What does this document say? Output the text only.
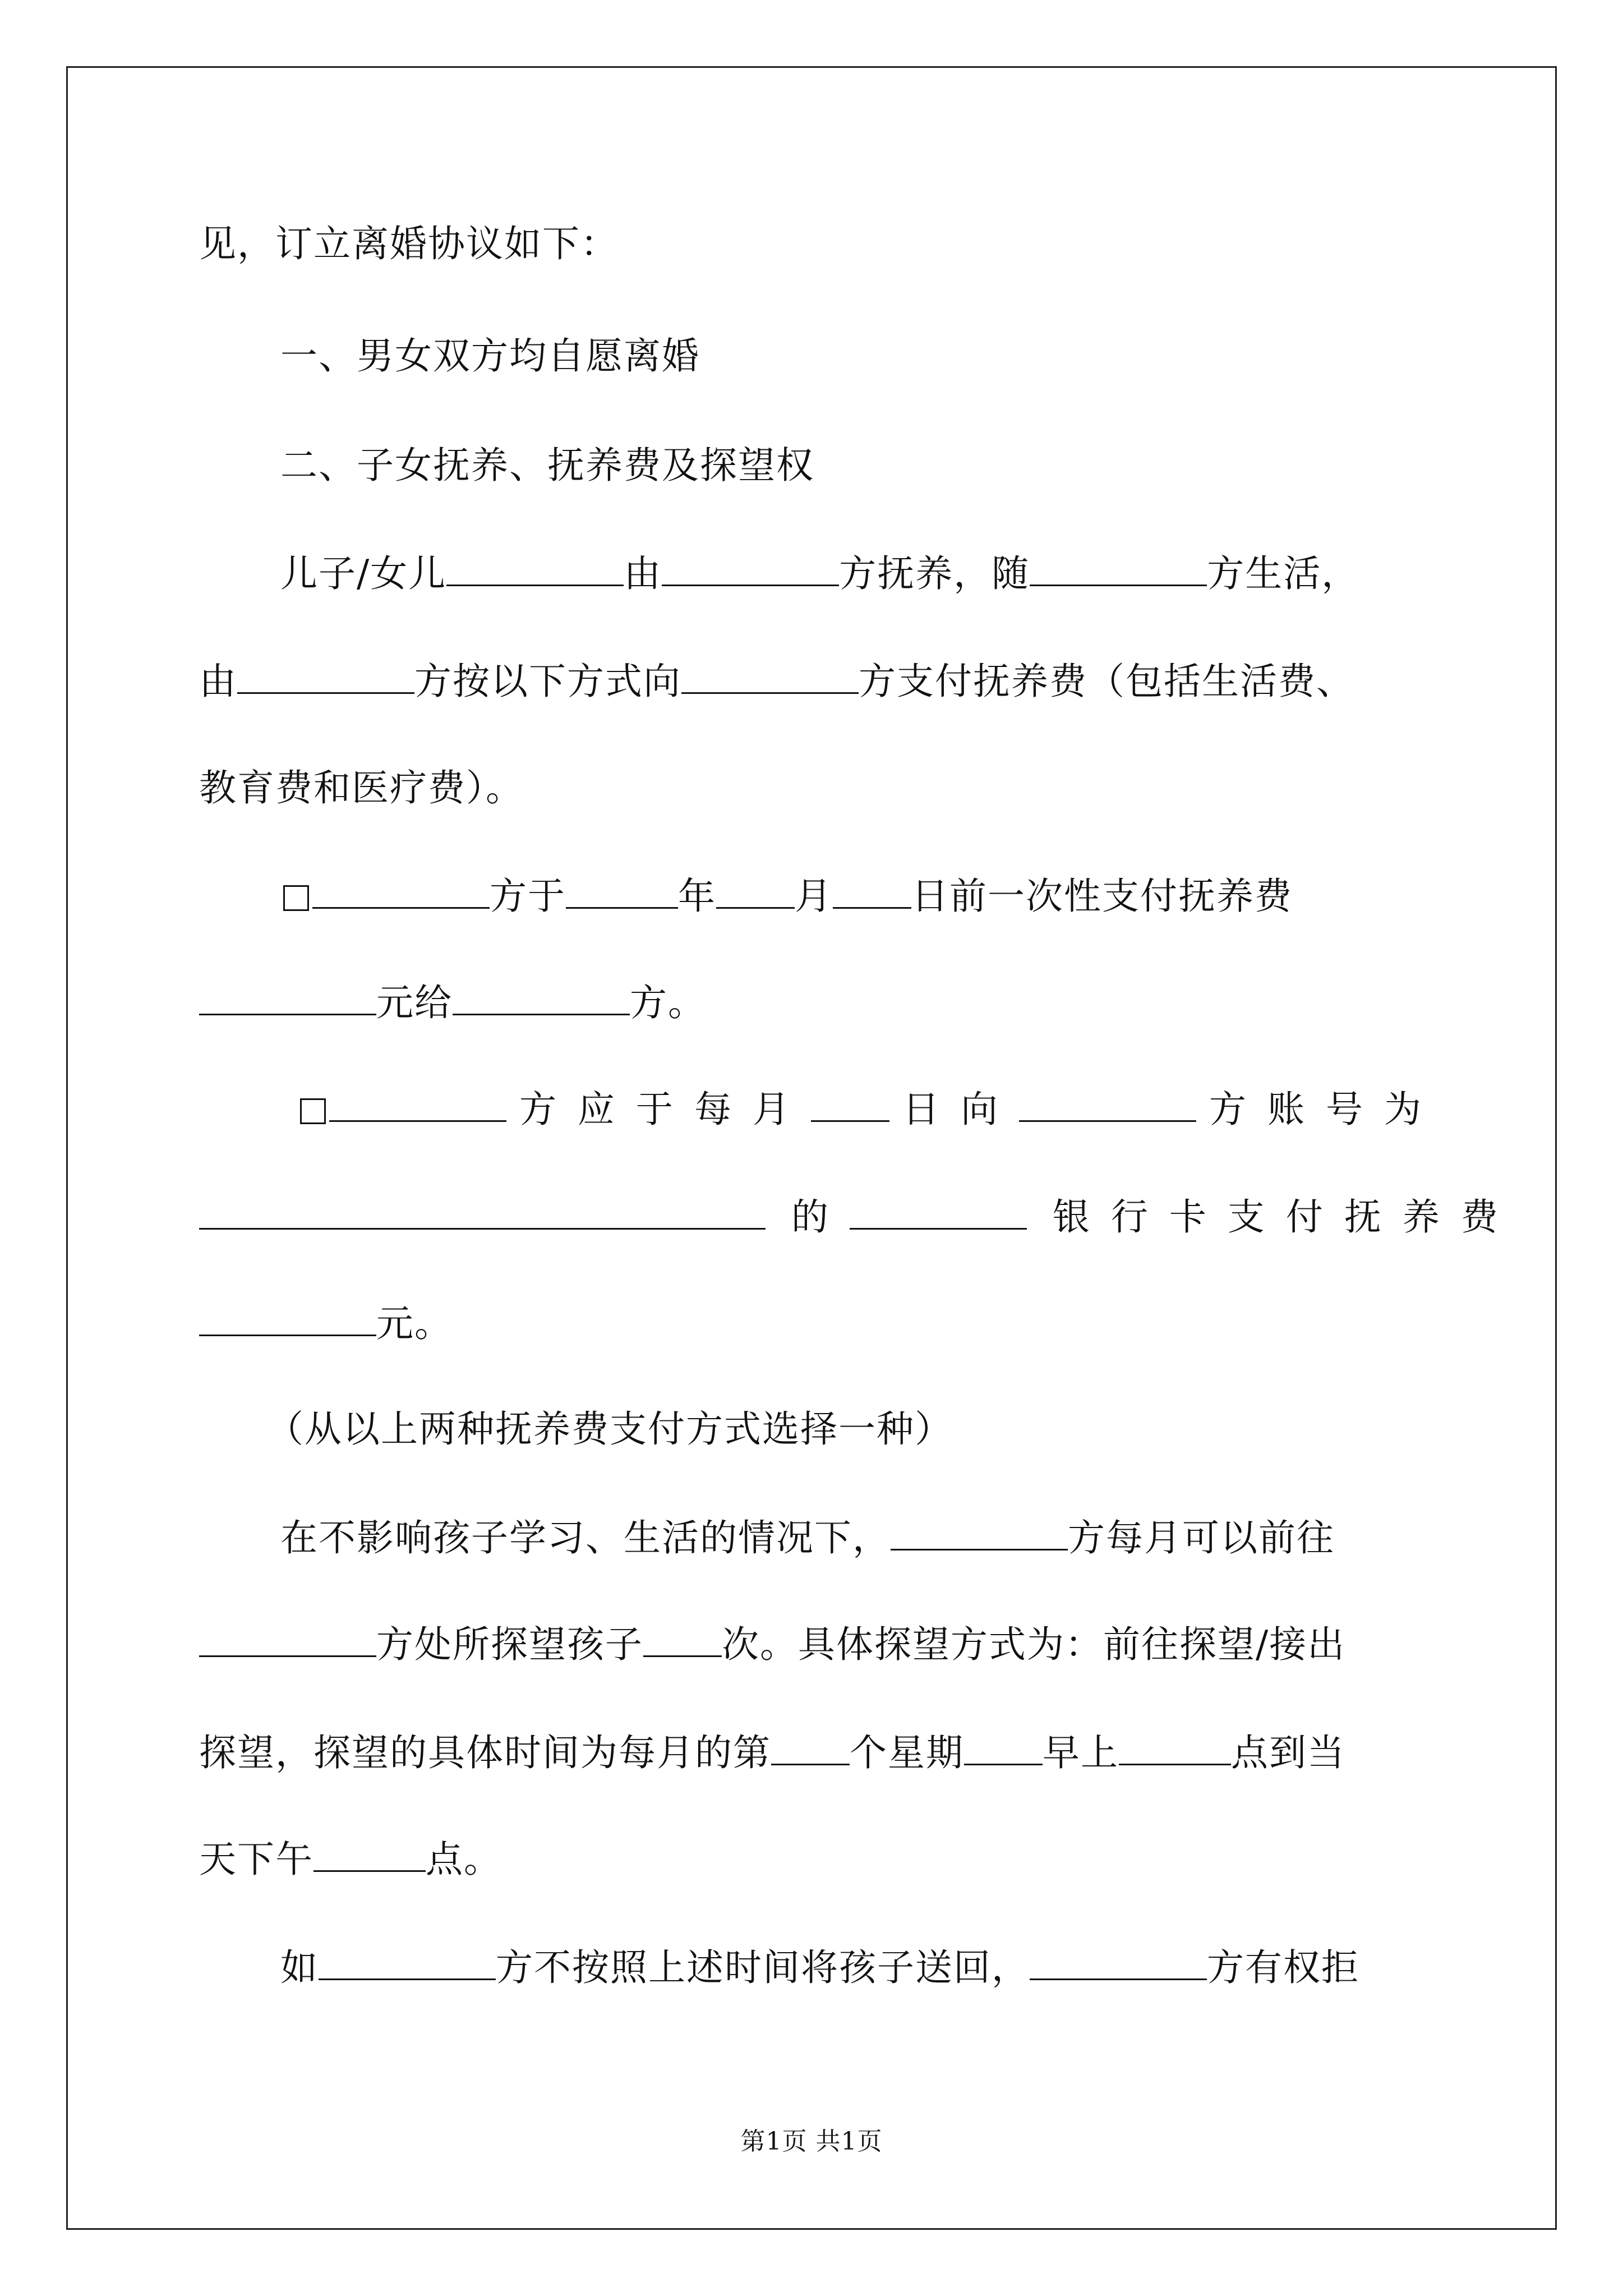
见，订立离婚协议如下：
一、男女双方均自愿离婚
二、子女抚养、抚养费及探望权
儿子/女儿	由	方抚养，随	方生活，
由	方按以下方式向	方支付抚养费（包括生活费、
教育费和医疗费）。
方于	年 月 日前一次性支付抚养费
元给	方。
方应于每月 日向	方账号为
的	银行卡支付抚养费
元。
（从以上两种抚养费支付方式选择一种）
在不影响孩子学习、生活的情况下，	方每月可以前往
方处所探望孩子 次。具体探望方式为：前往探望/接出
探望，探望的具体时间为每月的第 个星期 早上	点到当
天下午	点。
如	方不按照上述时间将孩子送回，	方有权拒
第1页 共1页
